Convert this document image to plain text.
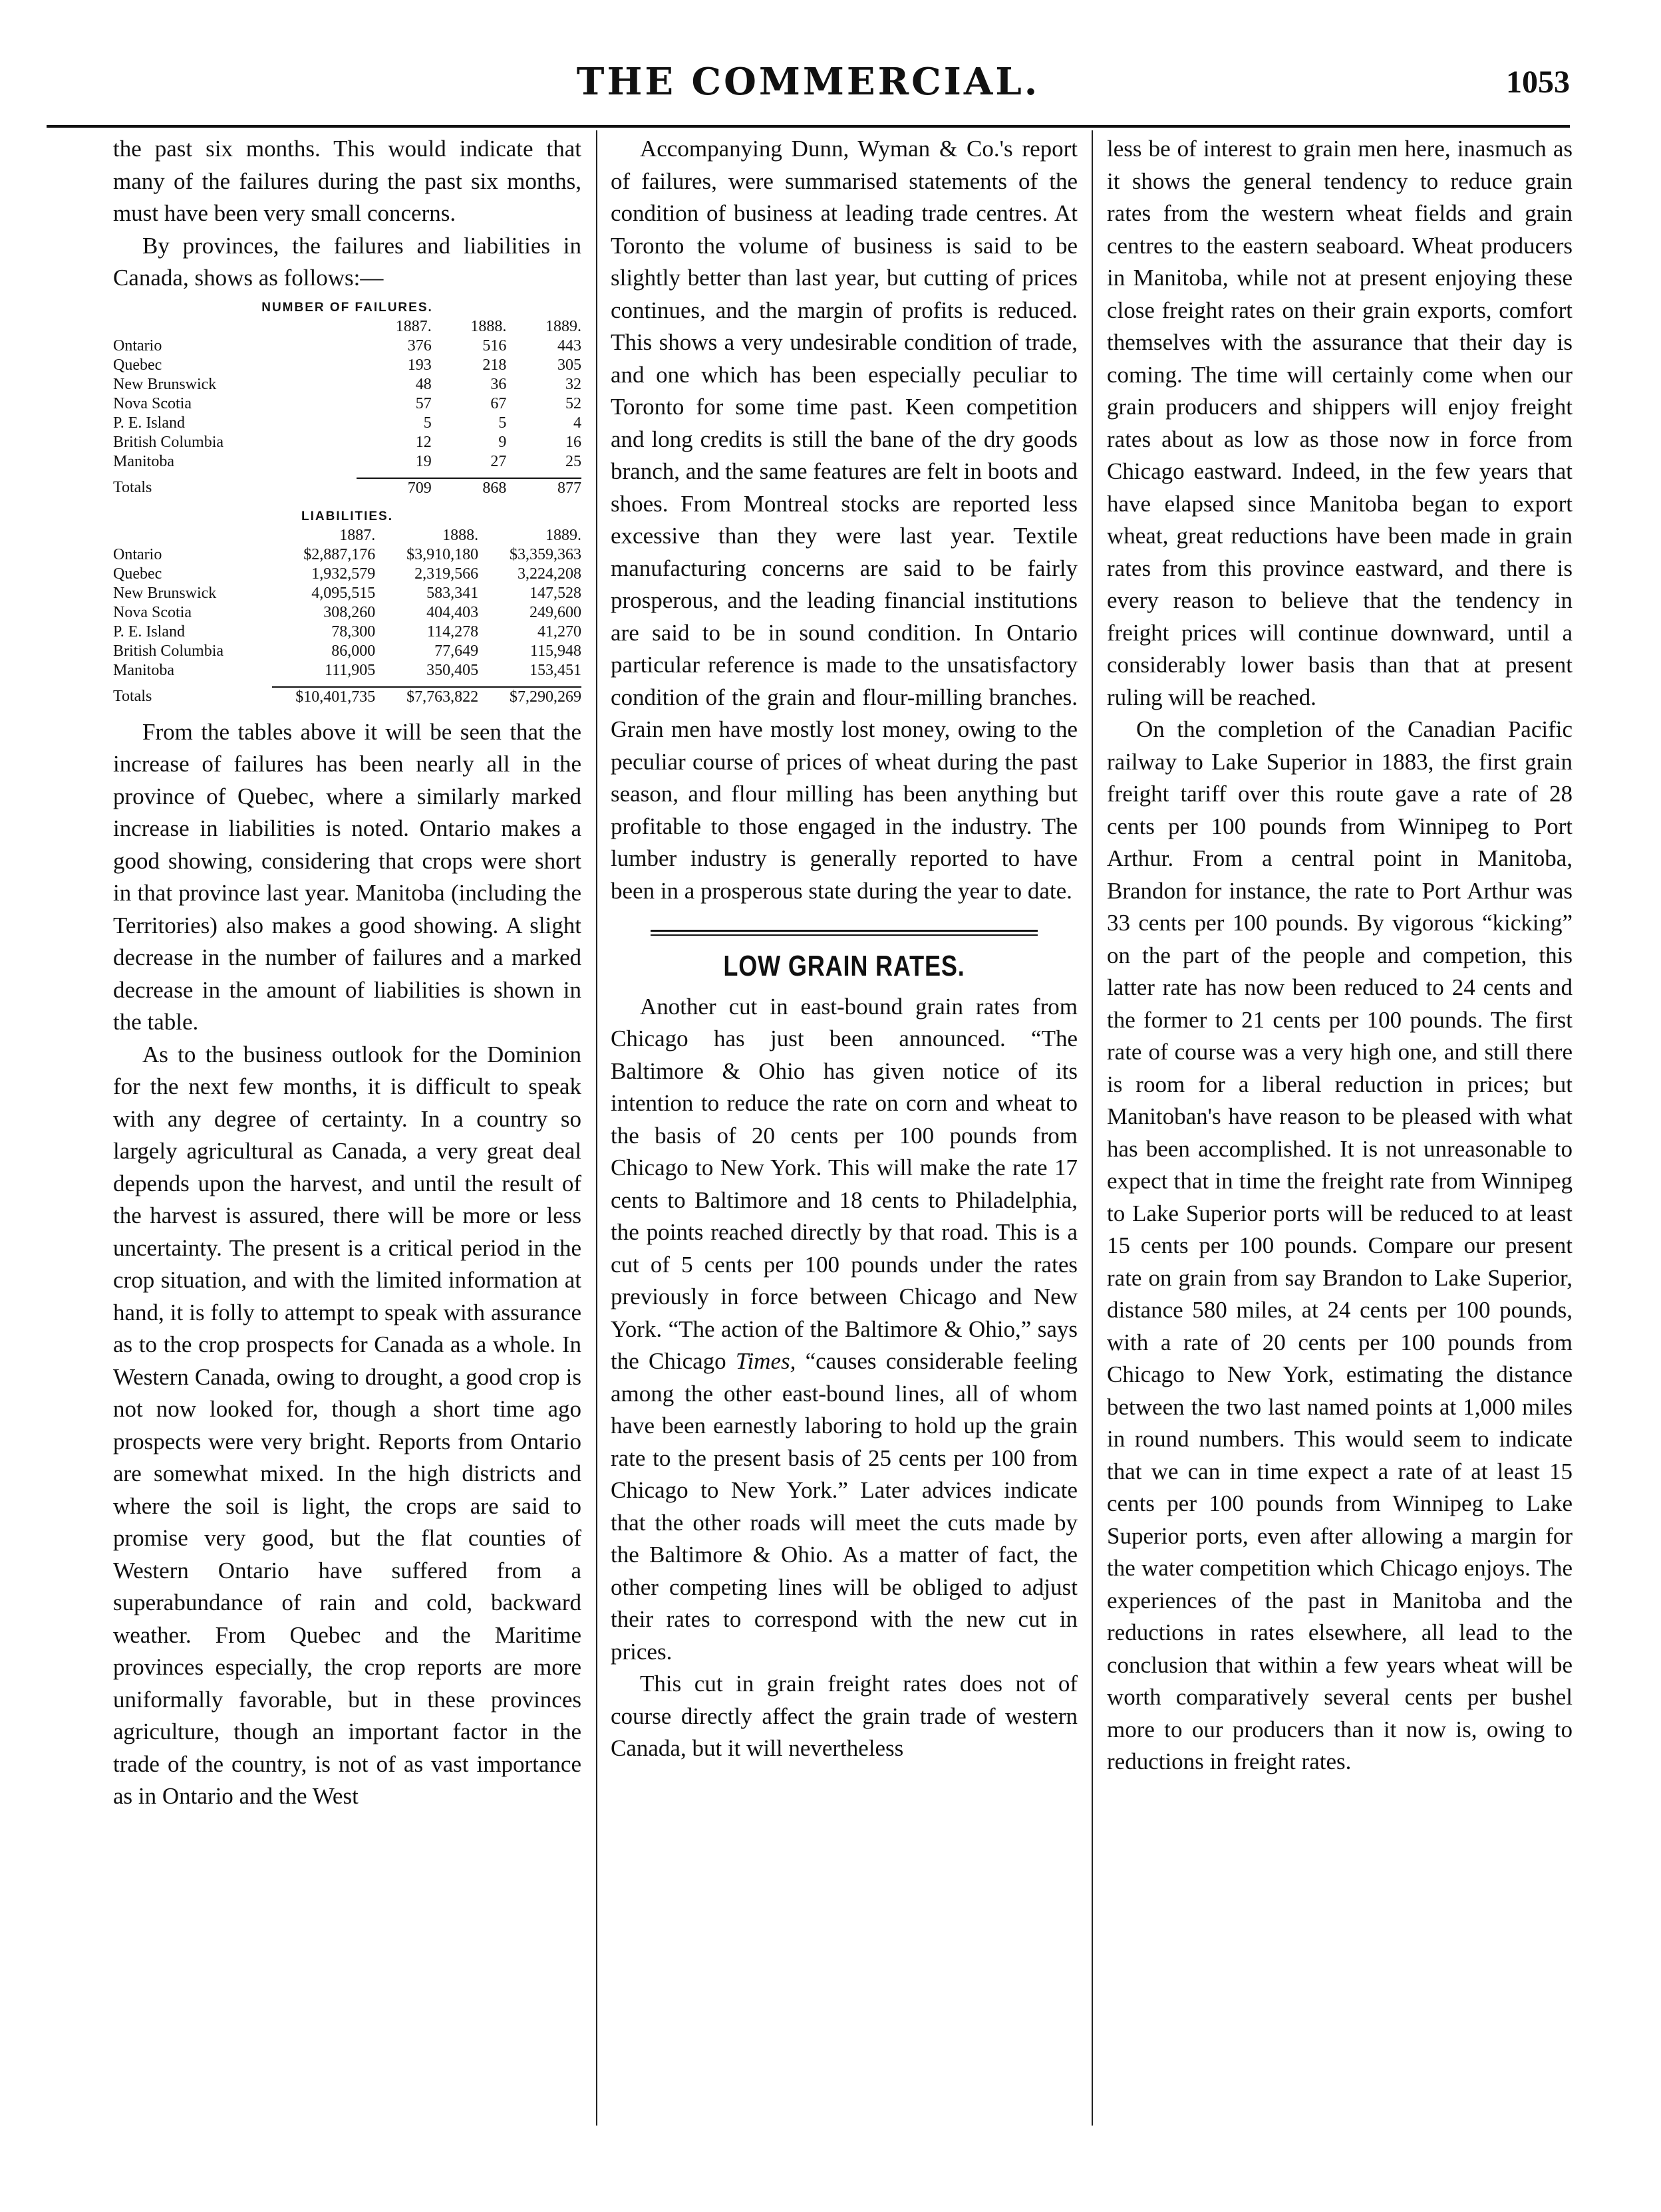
THE COMMERCIAL.	1053

the past six months. This would indicate that many of the failures during the past six months, must have been very small concerns.

By provinces, the failures and liabilities in Canada, shows as follows:—

NUMBER OF FAILURES.
	1887.	1888.	1889.
Ontario	376	516	443
Quebec	193	218	305
New Brunswick	48	36	32
Nova Scotia	57	67	52
P. E. Island	5	5	4
British Columbia	12	9	16
Manitoba	19	27	25

Totals	709	868	877
LIABILITIES.
	1887.	1888.	1889.
Ontario	$2,887,176	$3,910,180	$3,359,363
Quebec	1,932,579	2,319,566	3,224,208
New Brunswick	4,095,515	583,341	147,528
Nova Scotia	308,260	404,403	249,600
P. E. Island	78,300	114,278	41,270
British Columbia	86,000	77,649	115,948
Manitoba	111,905	350,405	153,451

Totals	$10,401,735	$7,763,822	$7,290,269

From the tables above it will be seen that the increase of failures has been nearly all in the province of Quebec, where a similarly marked increase in liabilities is noted. Ontario makes a good showing, considering that crops were short in that province last year. Manitoba (including the Territories) also makes a good showing. A slight decrease in the number of failures and a marked decrease in the amount of liabilities is shown in the table.

As to the business outlook for the Dominion for the next few months, it is difficult to speak with any degree of certainty. In a country so largely agricultural as Canada, a very great deal depends upon the harvest, and until the result of the harvest is assured, there will be more or less uncertainty. The present is a critical period in the crop situation, and with the limited information at hand, it is folly to attempt to speak with assurance as to the crop prospects for Canada as a whole. In Western Canada, owing to drought, a good crop is not now looked for, though a short time ago prospects were very bright. Reports from Ontario are somewhat mixed. In the high districts and where the soil is light, the crops are said to promise very good, but the flat counties of Western Ontario have suffered from a superabundance of rain and cold, backward weather. From Quebec and the Maritime provinces especially, the crop reports are more uniformally favorable, but in these provinces agriculture, though an important factor in the trade of the country, is not of as vast importance as in Ontario and the West

Accompanying Dunn, Wyman & Co.'s report of failures, were summarised statements of the condition of business at leading trade centres. At Toronto the volume of business is said to be slightly better than last year, but cutting of prices continues, and the margin of profits is reduced. This shows a very undesirable condition of trade, and one which has been especially peculiar to Toronto for some time past. Keen competition and long credits is still the bane of the dry goods branch, and the same features are felt in boots and shoes. From Montreal stocks are reported less excessive than they were last year. Textile manufacturing concerns are said to be fairly prosperous, and the leading financial institutions are said to be in sound condition. In Ontario particular reference is made to the unsatisfactory condition of the grain and flour-milling branches. Grain men have mostly lost money, owing to the peculiar course of prices of wheat during the past season, and flour milling has been anything but profitable to those engaged in the industry. The lumber industry is generally reported to have been in a prosperous state during the year to date.

LOW GRAIN RATES.

Another cut in east-bound grain rates from Chicago has just been announced. “The Baltimore & Ohio has given notice of its intention to reduce the rate on corn and wheat to the basis of 20 cents per 100 pounds from Chicago to New York. This will make the rate 17 cents to Baltimore and 18 cents to Philadelphia, the points reached directly by that road. This is a cut of 5 cents per 100 pounds under the rates previously in force between Chicago and New York. “The action of the Baltimore & Ohio,” says the Chicago Times, “causes considerable feeling among the other east-bound lines, all of whom have been earnestly laboring to hold up the grain rate to the present basis of 25 cents per 100 from Chicago to New York.” Later advices indicate that the other roads will meet the cuts made by the Baltimore & Ohio. As a matter of fact, the other competing lines will be obliged to adjust their rates to correspond with the new cut in prices.

This cut in grain freight rates does not of course directly affect the grain trade of western Canada, but it will nevertheless

less be of interest to grain men here, inasmuch as it shows the general tendency to reduce grain rates from the western wheat fields and grain centres to the eastern seaboard. Wheat producers in Manitoba, while not at present enjoying these close freight rates on their grain exports, comfort themselves with the assurance that their day is coming. The time will certainly come when our grain producers and shippers will enjoy freight rates about as low as those now in force from Chicago eastward. Indeed, in the few years that have elapsed since Manitoba began to export wheat, great reductions have been made in grain rates from this province eastward, and there is every reason to believe that the tendency in freight prices will continue downward, until a considerably lower basis than that at present ruling will be reached.

On the completion of the Canadian Pacific railway to Lake Superior in 1883, the first grain freight tariff over this route gave a rate of 28 cents per 100 pounds from Winnipeg to Port Arthur. From a central point in Manitoba, Brandon for instance, the rate to Port Arthur was 33 cents per 100 pounds. By vigorous “kicking” on the part of the people and competion, this latter rate has now been reduced to 24 cents and the former to 21 cents per 100 pounds. The first rate of course was a very high one, and still there is room for a liberal reduction in prices; but Manitoban's have reason to be pleased with what has been accomplished. It is not unreasonable to expect that in time the freight rate from Winnipeg to Lake Superior ports will be reduced to at least 15 cents per 100 pounds. Compare our present rate on grain from say Brandon to Lake Superior, distance 580 miles, at 24 cents per 100 pounds, with a rate of 20 cents per 100 pounds from Chicago to New York, estimating the distance between the two last named points at 1,000 miles in round numbers. This would seem to indicate that we can in time expect a rate of at least 15 cents per 100 pounds from Winnipeg to Lake Superior ports, even after allowing a margin for the water competition which Chicago enjoys. The experiences of the past in Manitoba and the reductions in rates elsewhere, all lead to the conclusion that within a few years wheat will be worth comparatively several cents per bushel more to our producers than it now is, owing to reductions in freight rates.
